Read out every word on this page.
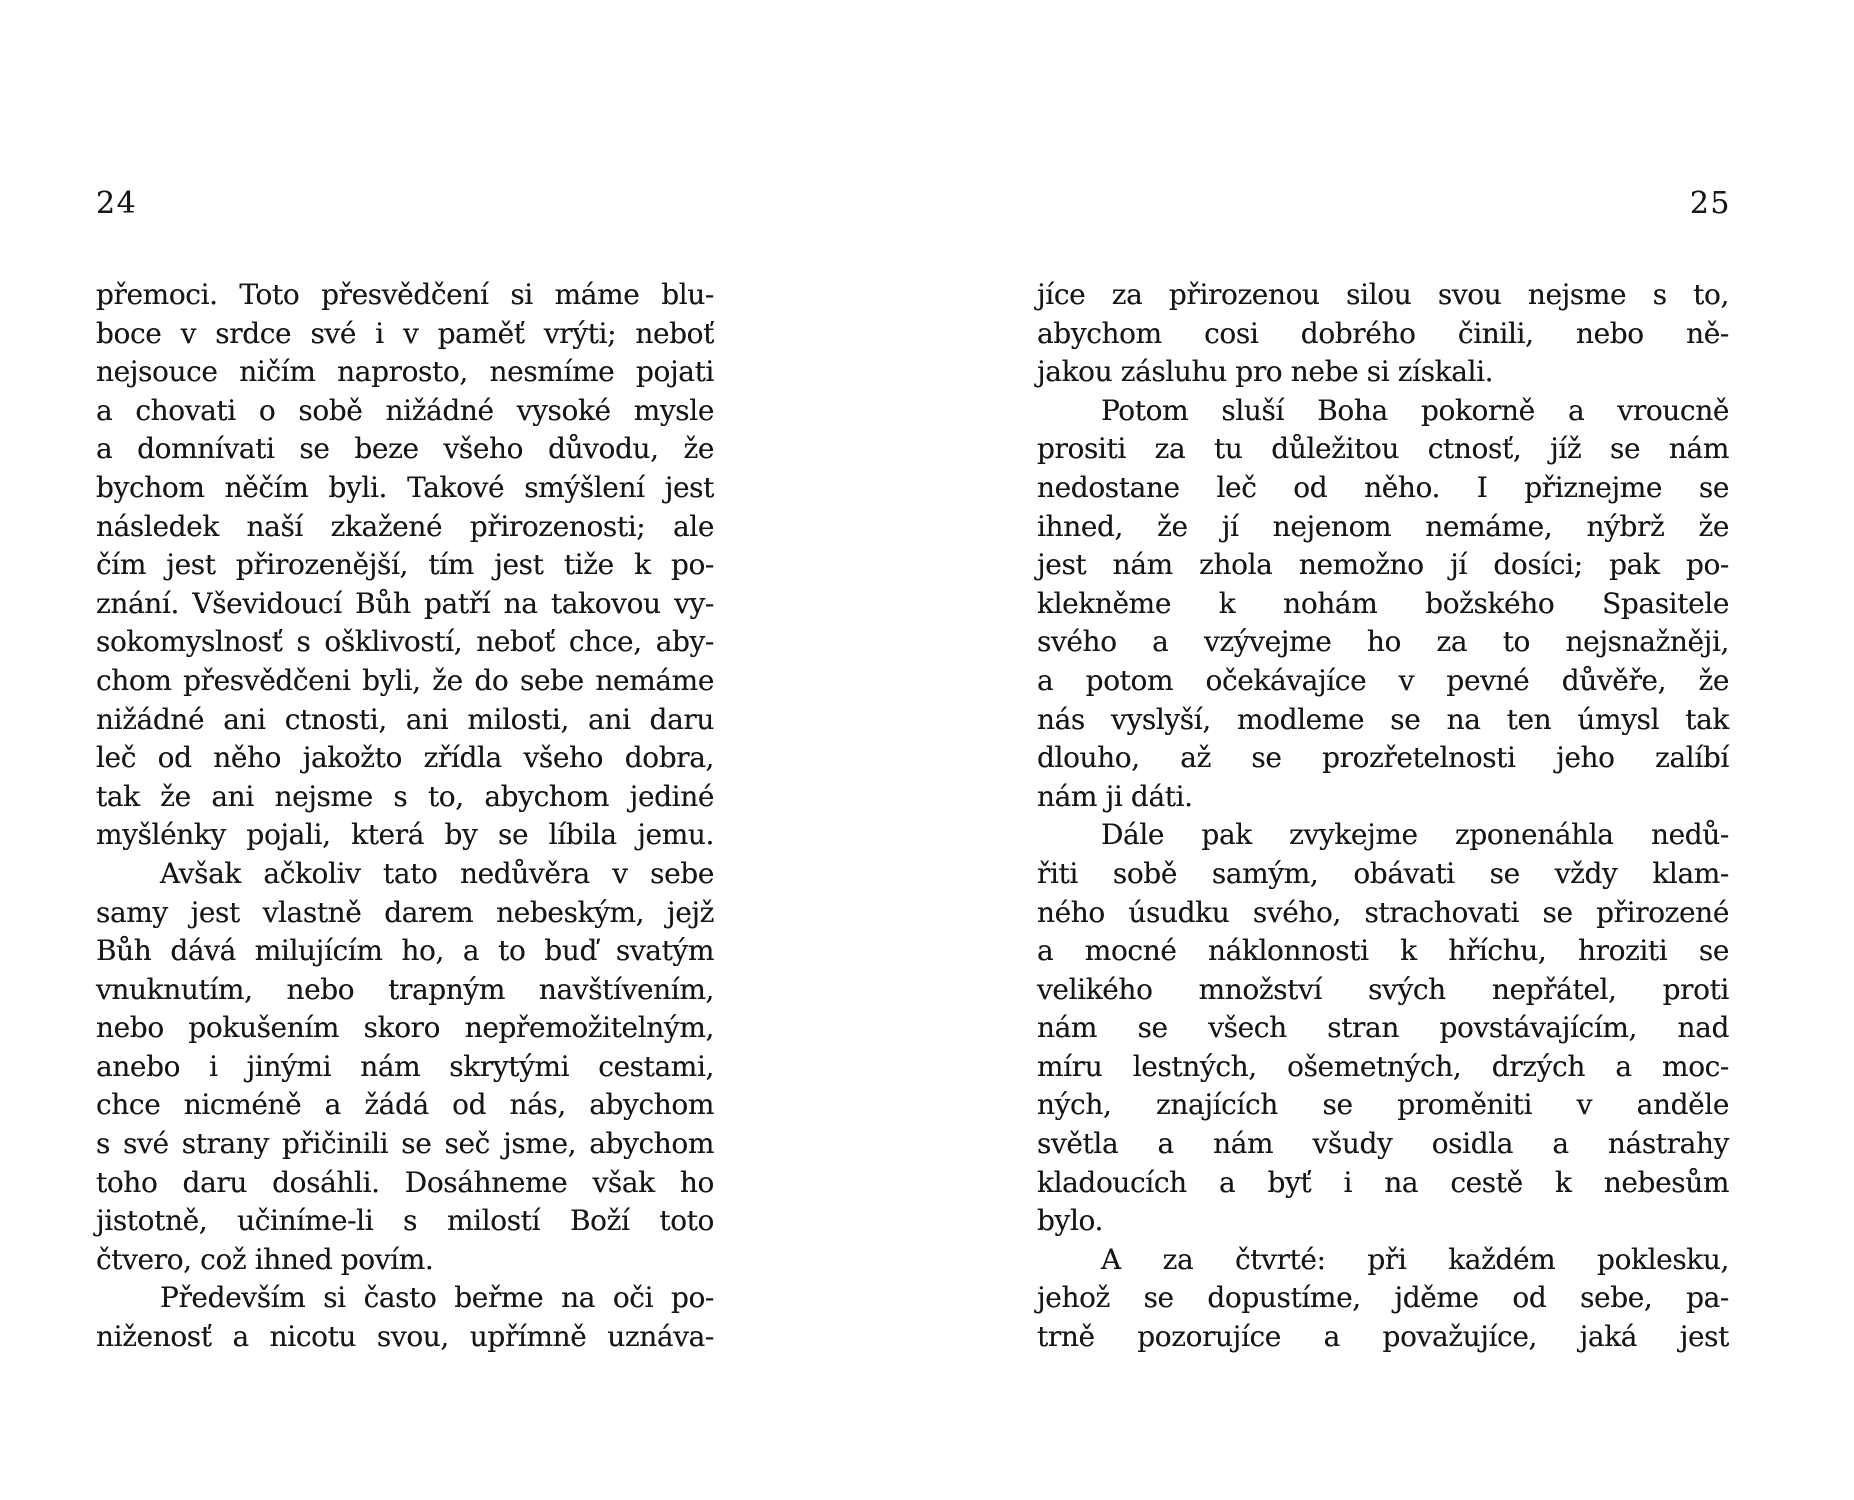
24
přemoci. Toto přesvědčení si máme blu-
boce v srdce své i v paměť vrýti; neboť
nejsouce ničím naprosto, nesmíme pojati
a chovati o sobě nižádné vysoké mysle
a domnívati se beze všeho důvodu, že
bychom něčím byli. Takové smýšlení jest
následek naší zkažené přirozenosti; ale
čím jest přirozenější, tím jest tiže k po-
znání. Vševidoucí Bůh patří na takovou vy-
sokomyslnosť s ošklivostí, neboť chce, aby-
chom přesvědčeni byli, že do sebe nemáme
nižádné ani ctnosti, ani milosti, ani daru
leč od něho jakožto zřídla všeho dobra,
tak že ani nejsme s to, abychom jediné
myšlénky pojali, která by se líbila jemu.
Avšak ačkoliv tato nedůvěra v sebe
samy jest vlastně darem nebeským, jejž
Bůh dává milujícím ho, a to buď svatým
vnuknutím, nebo trapným navštívením,
nebo pokušením skoro nepřemožitelným,
anebo i jinými nám skrytými cestami,
chce nicméně a žádá od nás, abychom
s své strany přičinili se seč jsme, abychom
toho daru dosáhli. Dosáhneme však ho
jistotně, učiníme-li s milostí Boží toto
čtvero, což ihned povím.
Především si často beřme na oči po-
niženosť a nicotu svou, upřímně uznáva-
25
jíce za přirozenou silou svou nejsme s to,
abychom cosi dobrého činili, nebo ně-
jakou zásluhu pro nebe si získali.
Potom sluší Boha pokorně a vroucně
prositi za tu důležitou ctnosť, jíž se nám
nedostane leč od něho. I přiznejme se
ihned, že jí nejenom nemáme, nýbrž že
jest nám zhola nemožno jí dosíci; pak po-
klekněme k nohám božského Spasitele
svého a vzývejme ho za to nejsnažněji,
a potom očekávajíce v pevné důvěře, že
nás vyslyší, modleme se na ten úmysl tak
dlouho, až se prozřetelnosti jeho zalíbí
nám ji dáti.
Dále pak zvykejme zponenáhla nedů-
řiti sobě samým, obávati se vždy klam-
ného úsudku svého, strachovati se přirozené
a mocné náklonnosti k hříchu, hroziti se
velikého množství svých nepřátel, proti
nám se všech stran povstávajícím, nad
míru lestných, ošemetných, drzých a moc-
ných, znajících se proměniti v anděle
světla a nám všudy osidla a nástrahy
kladoucích a byť i na cestě k nebesům
bylo.
A za čtvrté: při každém poklesku,
jehož se dopustíme, jděme od sebe, pa-
trně pozorujíce a považujíce, jaká jest
